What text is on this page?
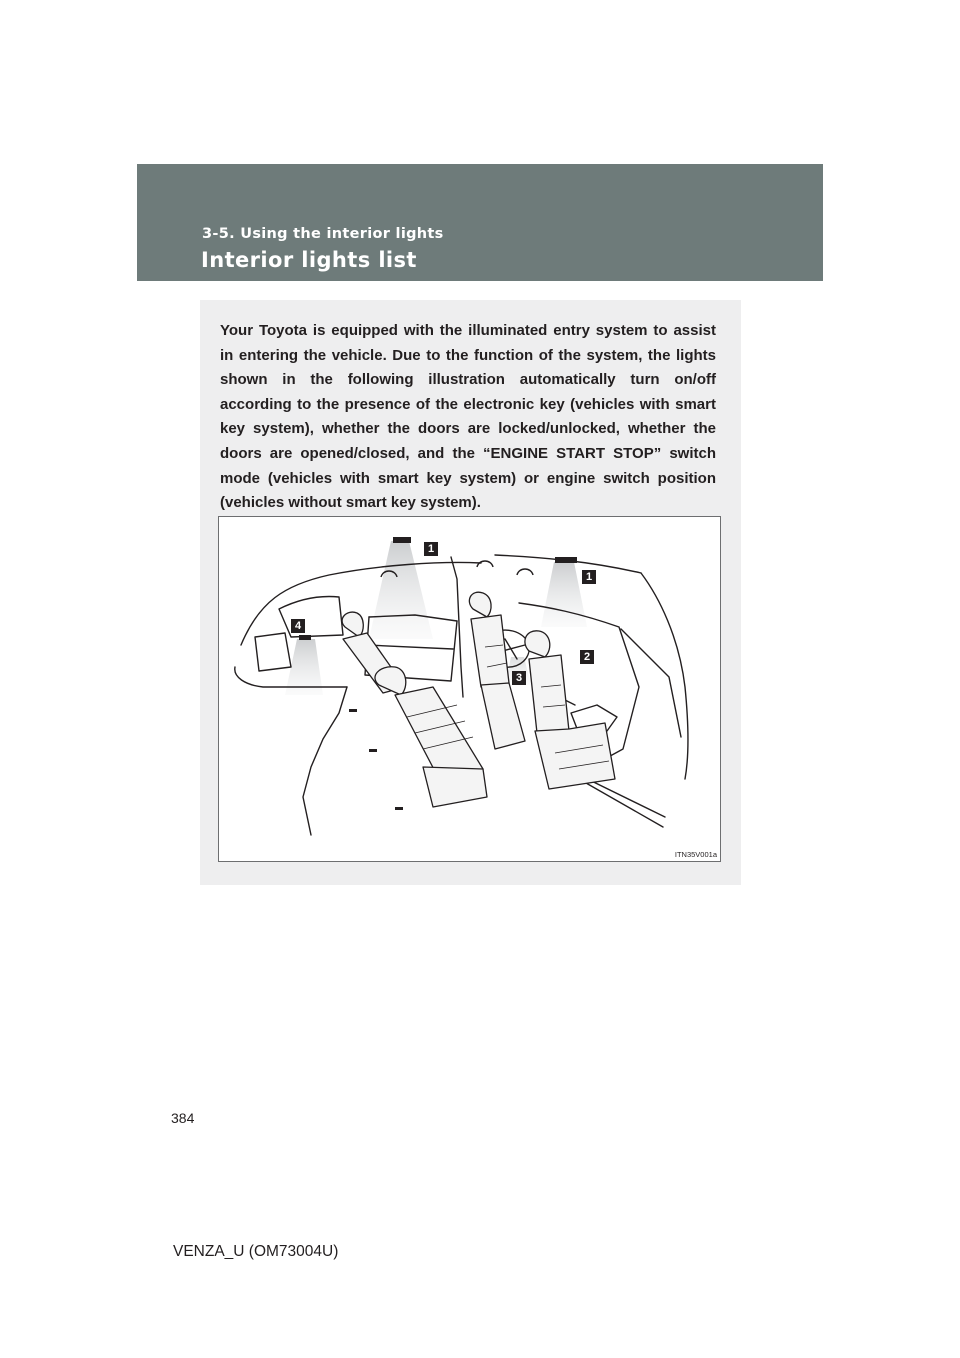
3-5. Using the interior lights
Interior lights list

Your Toyota is equipped with the illuminated entry system to assist in entering the vehicle. Due to the function of the system, the lights shown in the following illustration automatically turn on/off according to the presence of the electronic key (vehicles with smart key system), whether the doors are locked/unlocked, whether the doors are opened/closed, and the “ENGINE START STOP” switch mode (vehicles with smart key system) or engine switch position (vehicles without smart key system).

1
1
2
3
4
ITN35V001a
384
VENZA_U (OM73004U)
